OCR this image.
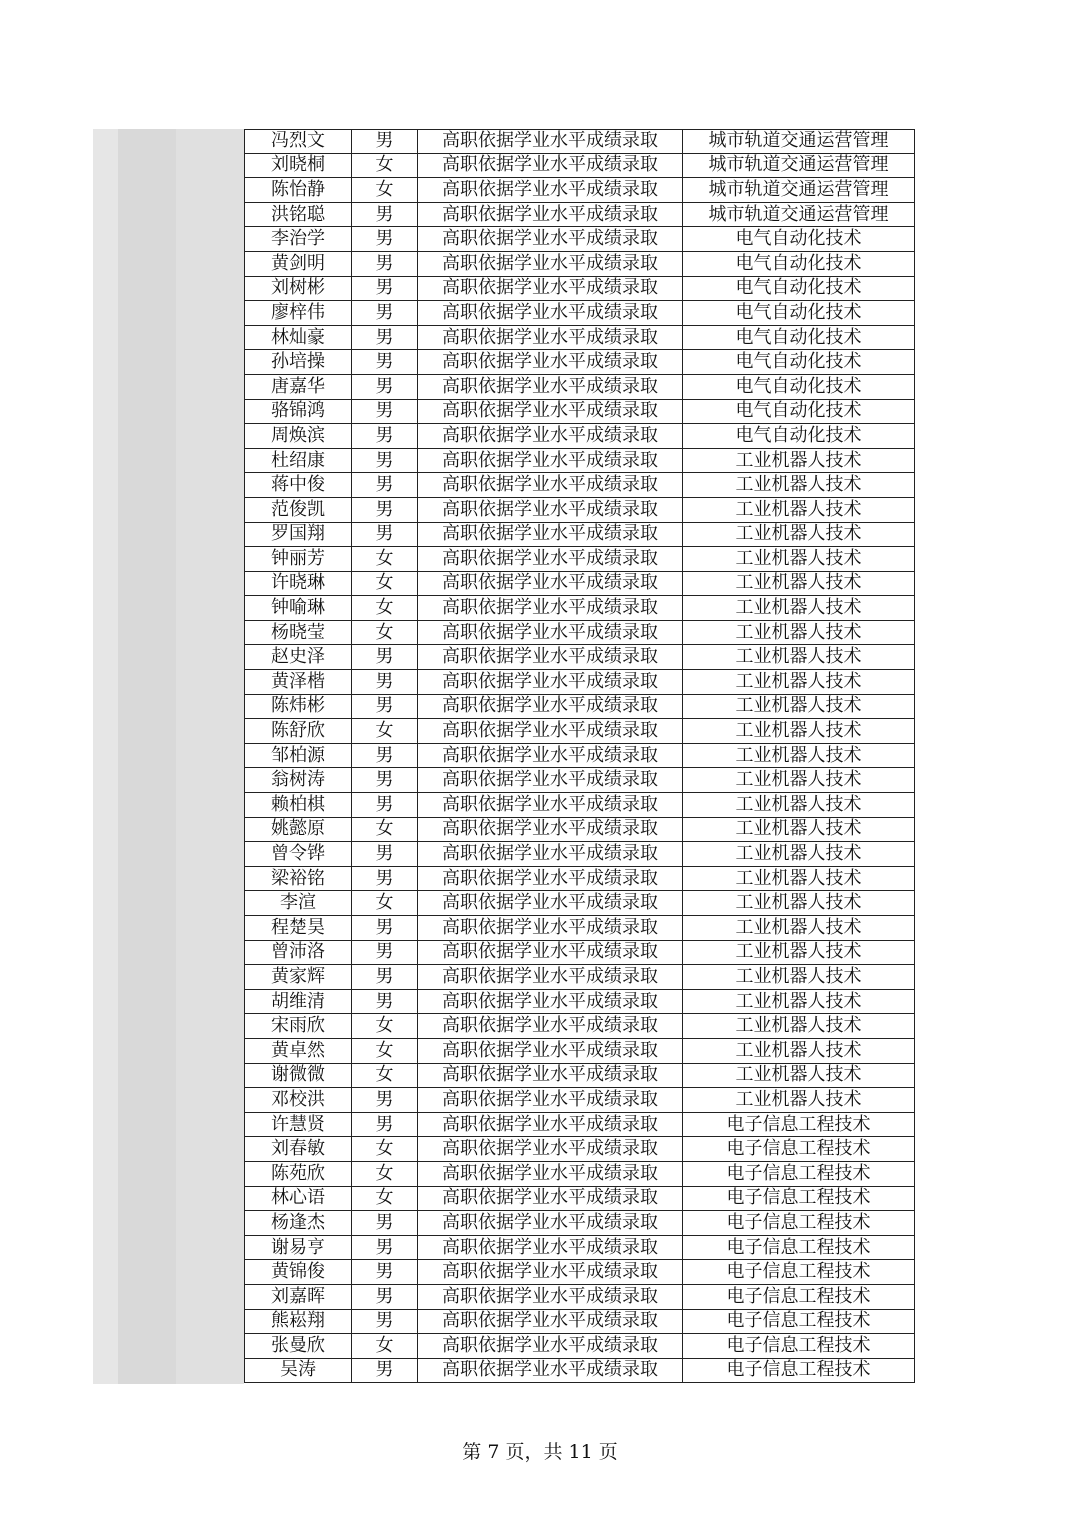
冯烈文	男	高职依据学业水平成绩录取	城市轨道交通运营管理
刘晓桐	女	高职依据学业水平成绩录取	城市轨道交通运营管理
陈怡静	女	高职依据学业水平成绩录取	城市轨道交通运营管理
洪铭聪	男	高职依据学业水平成绩录取	城市轨道交通运营管理
李治学	男	高职依据学业水平成绩录取	电气自动化技术
黄剑明	男	高职依据学业水平成绩录取	电气自动化技术
刘树彬	男	高职依据学业水平成绩录取	电气自动化技术
廖梓伟	男	高职依据学业水平成绩录取	电气自动化技术
林灿豪	男	高职依据学业水平成绩录取	电气自动化技术
孙培操	男	高职依据学业水平成绩录取	电气自动化技术
唐嘉华	男	高职依据学业水平成绩录取	电气自动化技术
骆锦鸿	男	高职依据学业水平成绩录取	电气自动化技术
周焕滨	男	高职依据学业水平成绩录取	电气自动化技术
杜绍康	男	高职依据学业水平成绩录取	工业机器人技术
蒋中俊	男	高职依据学业水平成绩录取	工业机器人技术
范俊凯	男	高职依据学业水平成绩录取	工业机器人技术
罗国翔	男	高职依据学业水平成绩录取	工业机器人技术
钟丽芳	女	高职依据学业水平成绩录取	工业机器人技术
许晓琳	女	高职依据学业水平成绩录取	工业机器人技术
钟喻琳	女	高职依据学业水平成绩录取	工业机器人技术
杨晓莹	女	高职依据学业水平成绩录取	工业机器人技术
赵史泽	男	高职依据学业水平成绩录取	工业机器人技术
黄泽楷	男	高职依据学业水平成绩录取	工业机器人技术
陈炜彬	男	高职依据学业水平成绩录取	工业机器人技术
陈舒欣	女	高职依据学业水平成绩录取	工业机器人技术
邹柏源	男	高职依据学业水平成绩录取	工业机器人技术
翁树涛	男	高职依据学业水平成绩录取	工业机器人技术
赖柏棋	男	高职依据学业水平成绩录取	工业机器人技术
姚懿原	女	高职依据学业水平成绩录取	工业机器人技术
曾令铧	男	高职依据学业水平成绩录取	工业机器人技术
梁裕铭	男	高职依据学业水平成绩录取	工业机器人技术
李渲	女	高职依据学业水平成绩录取	工业机器人技术
程楚昊	男	高职依据学业水平成绩录取	工业机器人技术
曾沛洛	男	高职依据学业水平成绩录取	工业机器人技术
黄家辉	男	高职依据学业水平成绩录取	工业机器人技术
胡维清	男	高职依据学业水平成绩录取	工业机器人技术
宋雨欣	女	高职依据学业水平成绩录取	工业机器人技术
黄卓然	女	高职依据学业水平成绩录取	工业机器人技术
谢微微	女	高职依据学业水平成绩录取	工业机器人技术
邓校洪	男	高职依据学业水平成绩录取	工业机器人技术
许慧贤	男	高职依据学业水平成绩录取	电子信息工程技术
刘春敏	女	高职依据学业水平成绩录取	电子信息工程技术
陈苑欣	女	高职依据学业水平成绩录取	电子信息工程技术
林心语	女	高职依据学业水平成绩录取	电子信息工程技术
杨逢杰	男	高职依据学业水平成绩录取	电子信息工程技术
谢易亨	男	高职依据学业水平成绩录取	电子信息工程技术
黄锦俊	男	高职依据学业水平成绩录取	电子信息工程技术
刘嘉晖	男	高职依据学业水平成绩录取	电子信息工程技术
熊崧翔	男	高职依据学业水平成绩录取	电子信息工程技术
张曼欣	女	高职依据学业水平成绩录取	电子信息工程技术
吴涛	男	高职依据学业水平成绩录取	电子信息工程技术
第 7 页，共 11 页
